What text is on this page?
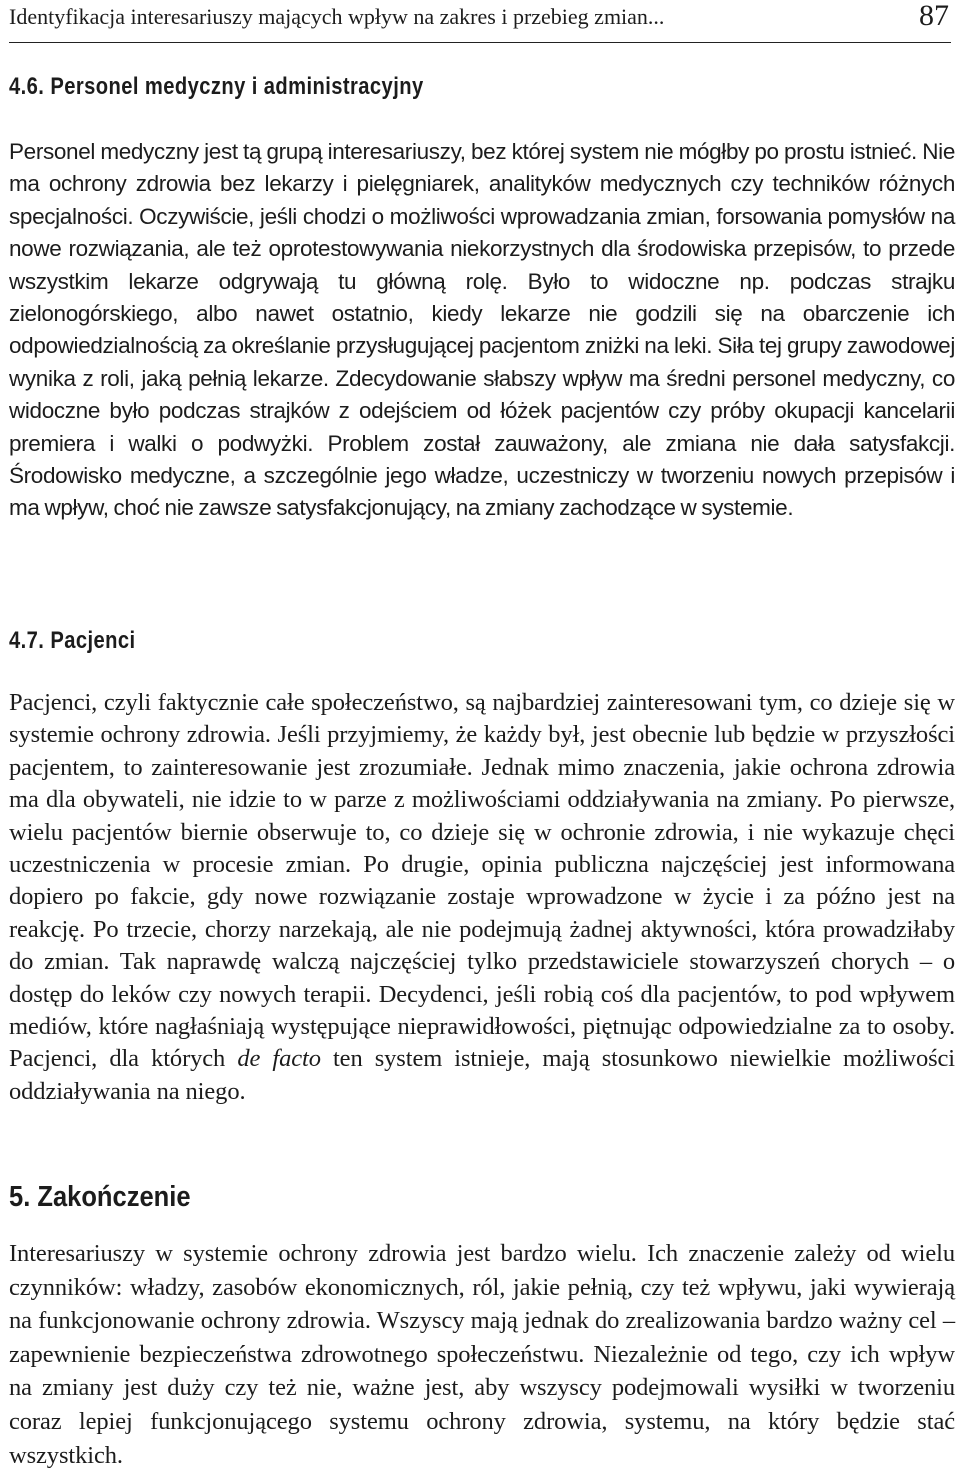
Identyfikacja interesariuszy mających wpływ na zakres i przebieg zmian...	87
4.6. Personel medyczny i administracyjny

Personel medyczny jest tą grupą interesariuszy, bez której system nie mógłby po prostu istnieć. Nie ma ochrony zdrowia bez lekarzy i pielęgniarek, analityków medycznych czy techników różnych specjalności. Oczywiście, jeśli chodzi o możliwości wprowadzania zmian, forsowania pomysłów na nowe rozwiązania, ale też oprotestowywania niekorzystnych dla środowiska przepisów, to przede wszystkim lekarze odgrywają tu główną rolę. Było to widoczne np. podczas strajku zielonogórskiego, albo nawet ostatnio, kiedy lekarze nie godzili się na obarczenie ich odpowiedzialnością za określanie przysługującej pacjentom zniżki na leki. Siła tej grupy zawodowej wynika z roli, jaką pełnią lekarze. Zdecydowanie słabszy wpływ ma średni personel medyczny, co widoczne było podczas strajków z odejściem od łóżek pacjentów czy próby okupacji kancelarii premiera i walki o podwyżki. Problem został zauważony, ale zmiana nie dała satysfakcji. Środowisko medyczne, a szczególnie jego władze, uczestniczy w tworzeniu nowych przepisów i ma wpływ, choć nie zawsze satysfakcjonujący, na zmiany zachodzące w systemie.

4.7. Pacjenci

Pacjenci, czyli faktycznie całe społeczeństwo, są najbardziej zainteresowani tym, co dzieje się w systemie ochrony zdrowia. Jeśli przyjmiemy, że każdy był, jest obecnie lub będzie w przyszłości pacjentem, to zainteresowanie jest zrozumiałe. Jednak mimo znaczenia, jakie ochrona zdrowia ma dla obywateli, nie idzie to w parze z możliwościami oddziaływania na zmiany. Po pierwsze, wielu pacjentów biernie obserwuje to, co dzieje się w ochronie zdrowia, i nie wykazuje chęci uczestniczenia w procesie zmian. Po drugie, opinia publiczna najczęściej jest informowana dopiero po fakcie, gdy nowe rozwiązanie zostaje wprowadzone w życie i za późno jest na reakcję. Po trzecie, chorzy narzekają, ale nie podejmują żadnej aktywności, która prowadziłaby do zmian. Tak naprawdę walczą najczęściej tylko przedstawiciele stowarzyszeń chorych – o dostęp do leków czy nowych terapii. Decydenci, jeśli robią coś dla pacjentów, to pod wpływem mediów, które nagłaśniają występujące nieprawidłowości, piętnując odpowiedzialne za to osoby. Pacjenci, dla których de facto ten system istnieje, mają stosunkowo niewielkie możliwości oddziaływania na niego.

5. Zakończenie

Interesariuszy w systemie ochrony zdrowia jest bardzo wielu. Ich znaczenie zależy od wielu czynników: władzy, zasobów ekonomicznych, ról, jakie pełnią, czy też wpływu, jaki wywierają na funkcjonowanie ochrony zdrowia. Wszyscy mają jednak do zrealizowania bardzo ważny cel – zapewnienie bezpieczeństwa zdrowotnego społeczeństwu. Niezależnie od tego, czy ich wpływ na zmiany jest duży czy też nie, ważne jest, aby wszyscy podejmowali wysiłki w tworzeniu coraz lepiej funkcjonującego systemu ochrony zdrowia, systemu, na który będzie stać wszystkich.
